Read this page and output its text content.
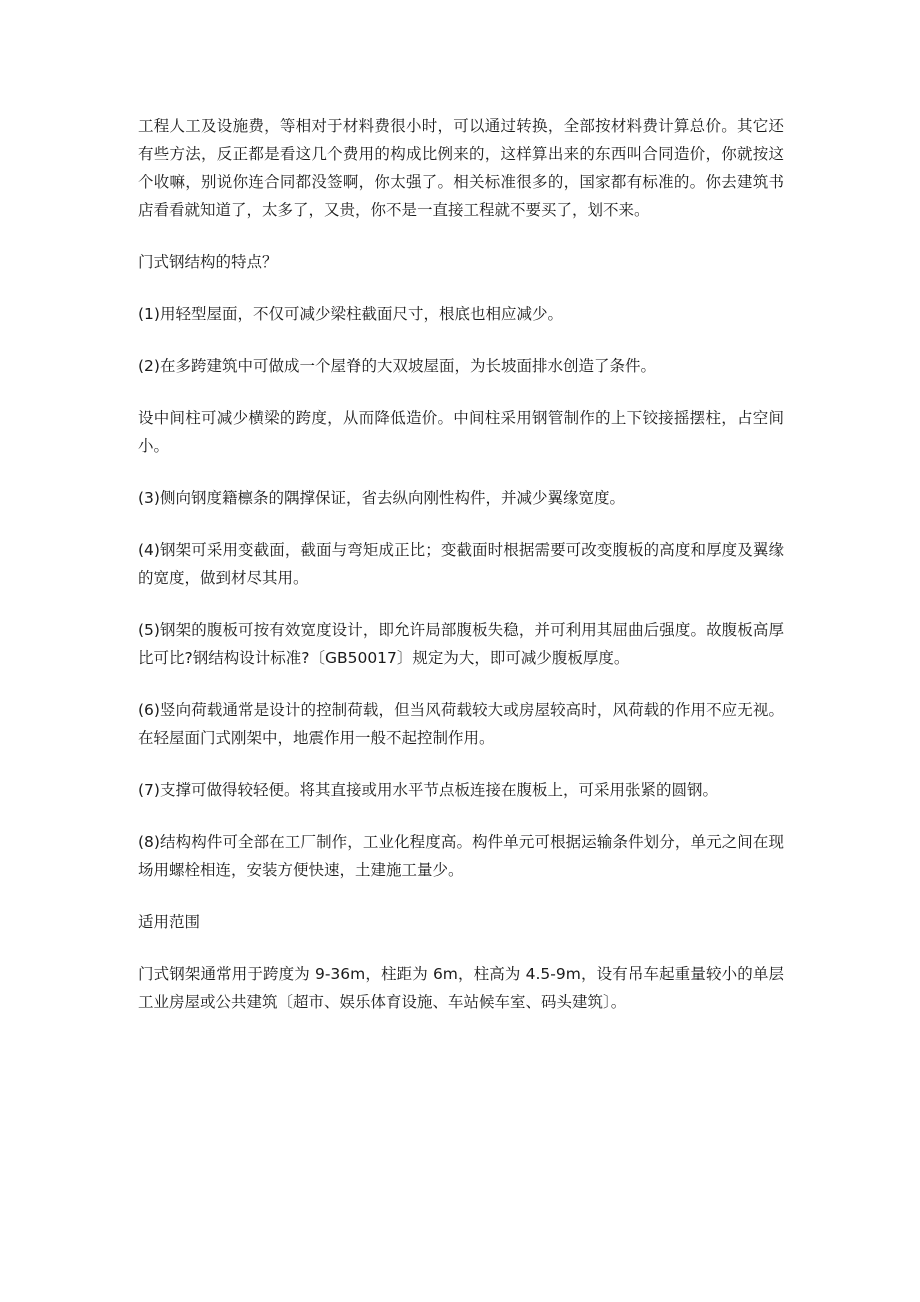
工程人工及设施费，等相对于材料费很小时，可以通过转换，全部按材料费计算总价。其它还有些方法，反正都是看这几个费用的构成比例来的，这样算出来的东西叫合同造价，你就按这个收嘛，别说你连合同都没签啊，你太强了。相关标准很多的，国家都有标准的。你去建筑书店看看就知道了，太多了，又贵，你不是一直接工程就不要买了，划不来。

门式钢结构的特点？

(1)用轻型屋面，不仅可减少梁柱截面尺寸，根底也相应减少。

(2)在多跨建筑中可做成一个屋脊的大双坡屋面，为长坡面排水创造了条件。

设中间柱可减少横梁的跨度，从而降低造价。中间柱采用钢管制作的上下铰接摇摆柱，占空间小。

(3)侧向钢度籍檩条的隅撑保证，省去纵向刚性构件，并减少翼缘宽度。

(4)钢架可采用变截面，截面与弯矩成正比；变截面时根据需要可改变腹板的高度和厚度及翼缘的宽度，做到材尽其用。

(5)钢架的腹板可按有效宽度设计，即允许局部腹板失稳，并可利用其屈曲后强度。故腹板高厚比可比?钢结构设计标准?〔GB50017〕规定为大，即可减少腹板厚度。

(6)竖向荷载通常是设计的控制荷载，但当风荷载较大或房屋较高时，风荷载的作用不应无视。在轻屋面门式刚架中，地震作用一般不起控制作用。

(7)支撑可做得较轻便。将其直接或用水平节点板连接在腹板上，可采用张紧的圆钢。

(8)结构构件可全部在工厂制作，工业化程度高。构件单元可根据运输条件划分，单元之间在现场用螺栓相连，安装方便快速，土建施工量少。

适用范围

门式钢架通常用于跨度为 9-36m，柱距为 6m，柱高为 4.5-9m，设有吊车起重量较小的单层工业房屋或公共建筑〔超市、娱乐体育设施、车站候车室、码头建筑〕。
